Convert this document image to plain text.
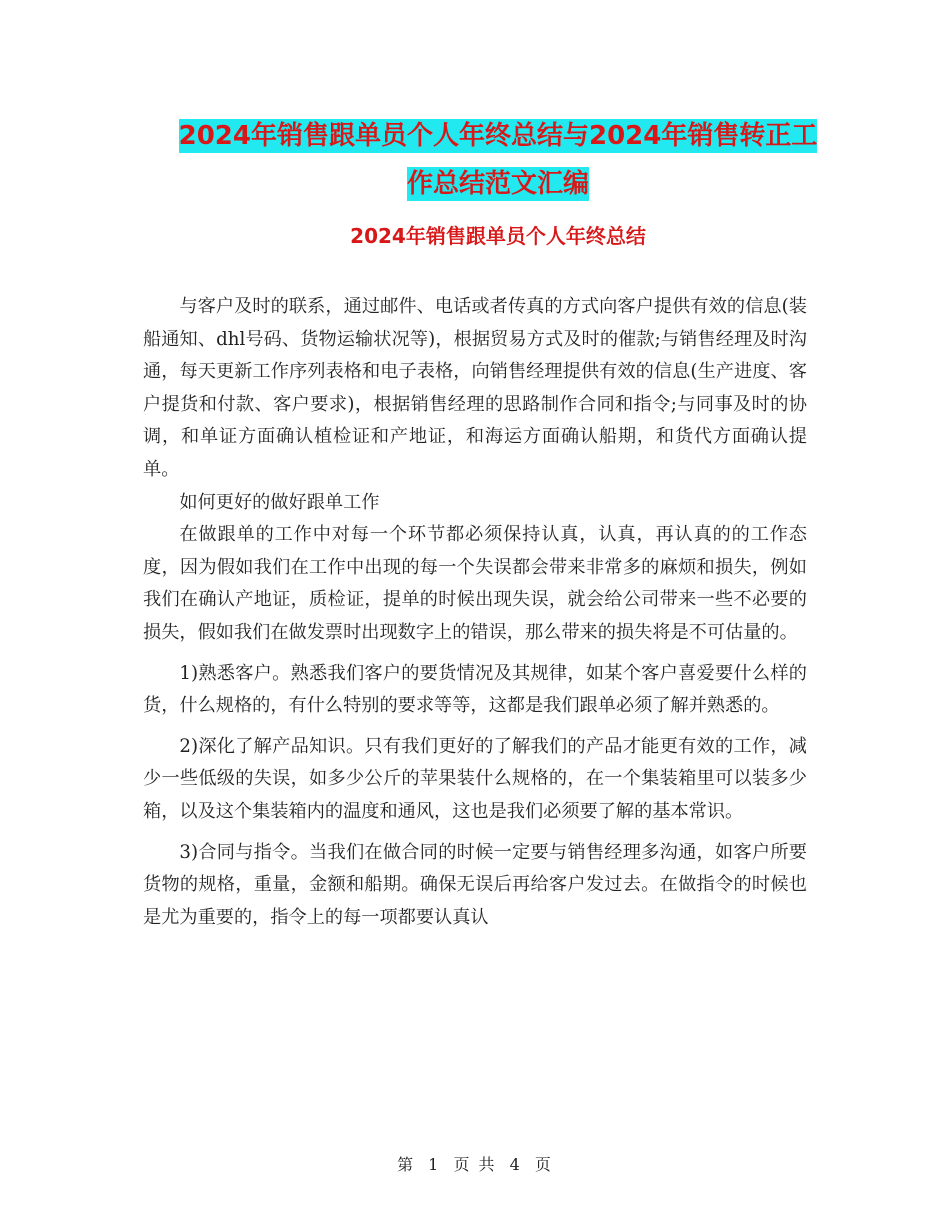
2024年销售跟单员个人年终总结与2024年销售转正工
作总结范文汇编
2024年销售跟单员个人年终总结

与客户及时的联系，通过邮件、电话或者传真的方式向客户提供有效的信息(装船通知、dhl号码、货物运输状况等)，根据贸易方式及时的催款;与销售经理及时沟通，每天更新工作序列表格和电子表格，向销售经理提供有效的信息(生产进度、客户提货和付款、客户要求)，根据销售经理的思路制作合同和指令;与同事及时的协调，和单证方面确认植检证和产地证，和海运方面确认船期，和货代方面确认提单。

如何更好的做好跟单工作

在做跟单的工作中对每一个环节都必须保持认真，认真，再认真的的工作态度，因为假如我们在工作中出现的每一个失误都会带来非常多的麻烦和损失，例如我们在确认产地证，质检证，提单的时候出现失误，就会给公司带来一些不必要的损失，假如我们在做发票时出现数字上的错误，那么带来的损失将是不可估量的。

1)熟悉客户。熟悉我们客户的要货情况及其规律，如某个客户喜爱要什么样的货，什么规格的，有什么特别的要求等等，这都是我们跟单必须了解并熟悉的。

2)深化了解产品知识。只有我们更好的了解我们的产品才能更有效的工作，减少一些低级的失误，如多少公斤的苹果装什么规格的，在一个集装箱里可以装多少箱，以及这个集装箱内的温度和通风，这也是我们必须要了解的基本常识。

3)合同与指令。当我们在做合同的时候一定要与销售经理多沟通，如客户所要货物的规格，重量，金额和船期。确保无误后再给客户发过去。在做指令的时候也是尤为重要的，指令上的每一项都要认真认

第 1 页 共 4 页
